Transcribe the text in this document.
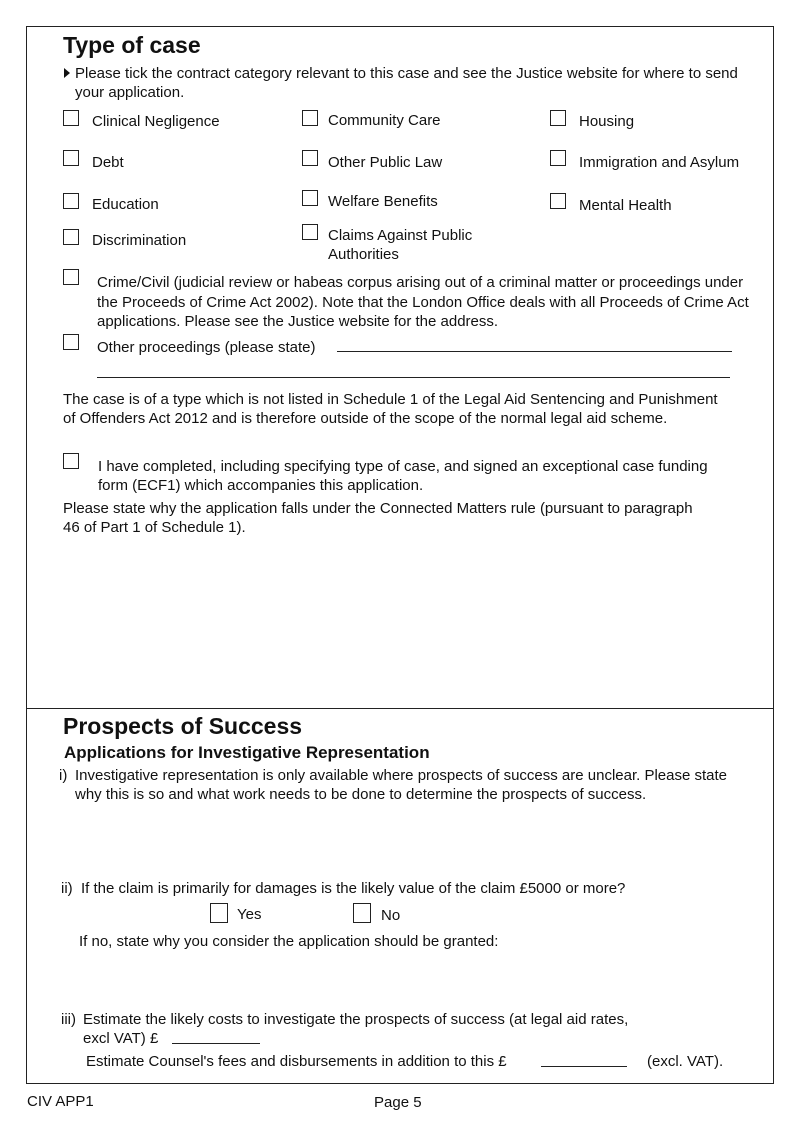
Type of case
Please tick the contract category relevant to this case and see the Justice website for where to send your application.
Clinical Negligence	Community Care	Housing
Debt	Other Public Law	Immigration and Asylum
Education	Welfare Benefits	Mental Health
Discrimination	Claims Against Public Authorities
Crime/Civil (judicial review or habeas corpus arising out of a criminal matter or proceedings under the Proceeds of Crime Act 2002). Note that the London Office deals with all Proceeds of Crime Act applications. Please see the Justice website for the address.
Other proceedings (please state)
The case is of a type which is not listed in Schedule 1 of the Legal Aid Sentencing and Punishment of Offenders Act 2012 and is therefore outside of the scope of the normal legal aid scheme.
I have completed, including specifying type of case, and signed an exceptional case funding form (ECF1) which accompanies this application.
Please state why the application falls under the Connected Matters rule (pursuant to paragraph 46 of Part 1 of Schedule 1).
Prospects of Success
Applications for Investigative Representation
i) Investigative representation is only available where prospects of success are unclear. Please state why this is so and what work needs to be done to determine the prospects of success.
ii) If the claim is primarily for damages is the likely value of the claim £5000 or more?
Yes	No
If no, state why you consider the application should be granted:
iii) Estimate the likely costs to investigate the prospects of success (at legal aid rates,
excl VAT) £
Estimate Counsel's fees and disbursements in addition to this £	(excl. VAT).
CIV APP1	Page 5
